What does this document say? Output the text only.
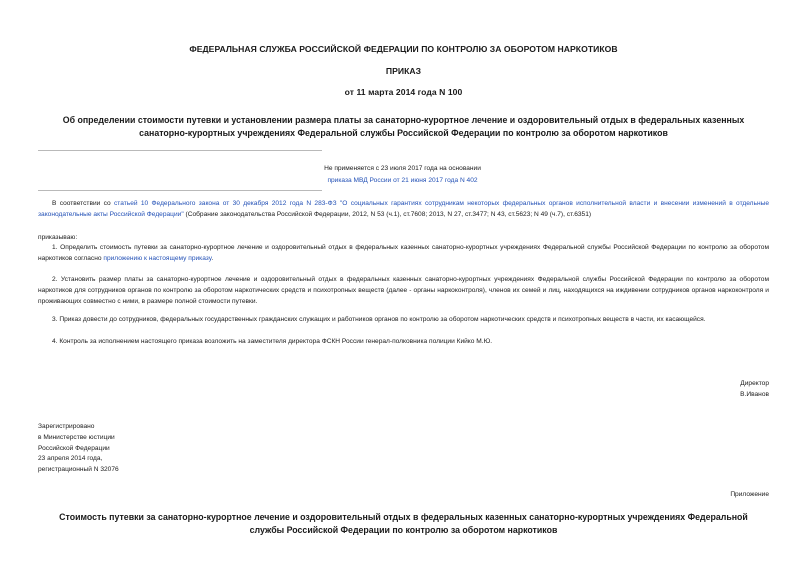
ФЕДЕРАЛЬНАЯ СЛУЖБА РОССИЙСКОЙ ФЕДЕРАЦИИ ПО КОНТРОЛЮ ЗА ОБОРОТОМ НАРКОТИКОВ
ПРИКАЗ
от 11 марта 2014 года N 100
Об определении стоимости путевки и установлении размера платы за санаторно-курортное лечение и оздоровительный отдых в федеральных казенных
санаторно-курортных учреждениях Федеральной службы Российской Федерации по контролю за оборотом наркотиков
Не применяется с 23 июля 2017 года на основании
приказа МВД России от 21 июня 2017 года N 402
В соответствии со статьей 10 Федерального закона от 30 декабря 2012 года N 283-ФЗ "О социальных гарантиях сотрудникам некоторых федеральных органов исполнительной власти и внесении изменений в отдельные законодательные акты Российской Федерации" (Собрание законодательства Российской Федерации, 2012, N 53 (ч.1), ст.7608; 2013, N 27, ст.3477; N 43, ст.5623; N 49 (ч.7), ст.6351)
приказываю:
1. Определить стоимость путевки за санаторно-курортное лечение и оздоровительный отдых в федеральных казенных санаторно-курортных учреждениях Федеральной службы Российской Федерации по контролю за оборотом наркотиков согласно приложению к настоящему приказу.
2. Установить размер платы за санаторно-курортное лечение и оздоровительный отдых в федеральных казенных санаторно-курортных учреждениях Федеральной службы Российской Федерации по контролю за оборотом наркотиков для сотрудников органов по контролю за оборотом наркотических средств и психотропных веществ (далее - органы наркоконтроля), членов их семей и лиц, находящихся на иждивении сотрудников органов наркоконтроля и проживающих совместно с ними, в размере полной стоимости путевки.
3. Приказ довести до сотрудников, федеральных государственных гражданских служащих и работников органов по контролю за оборотом наркотических средств и психотропных веществ в части, их касающейся.
4. Контроль за исполнением настоящего приказа возложить на заместителя директора ФСКН России генерал-полковника полиции Кийко М.Ю.
Директор
В.Иванов
Зарегистрировано
в Министерстве юстиции
Российской Федерации
23 апреля 2014 года,
регистрационный N 32076
Приложение
Стоимость путевки за санаторно-курортное лечение и оздоровительный отдых в федеральных казенных санаторно-курортных учреждениях Федеральной
службы Российской Федерации по контролю за оборотом наркотиков
